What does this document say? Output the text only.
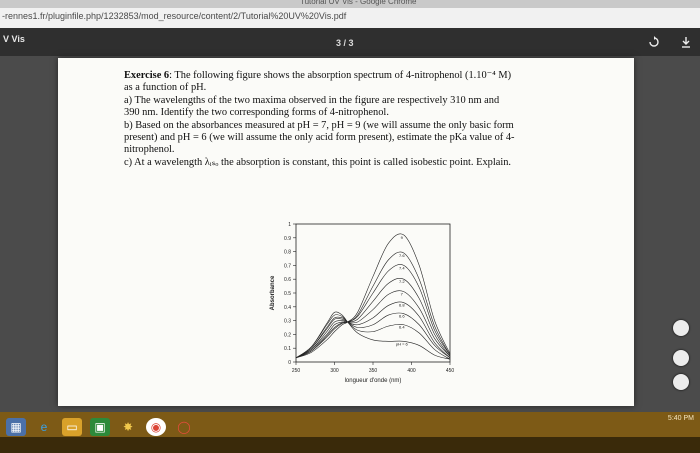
Tutorial UV Vis - Google Chrome
-rennes1.fr/pluginfile.php/1232853/mod_resource/content/2/Tutorial%20UV%20Vis.pdf
V Vis	3 / 3

Exercise 6: The following figure shows the absorption spectrum of 4-nitrophenol (1.10⁻⁴ M)

as a function of pH.

a) The wavelengths of the two maxima observed in the figure are respectively 310 nm and

390 nm. Identify the two corresponding forms of 4-nitrophenol.

b) Based on the absorbances measured at pH = 7, pH = 9 (we will assume the only basic form

present) and pH = 6 (we will assume the only acid form present), estimate the pKa value of 4-

nitrophenol.

c) At a wavelength λᵢₛₒ the absorption is constant, this point is called isobestic point. Explain.

0
0.1
0.2
0.3
0.4
0.5
0.6
0.7
0.8
0.9
1
250	300	350	400	450
longueur d'onde (nm)
Absorbance
9
7.6
7.4
7.2
7
6.8
6.6
6.4
pH = 6
▦	e	▭	▣	✸	◉	◯
5:40 PM
